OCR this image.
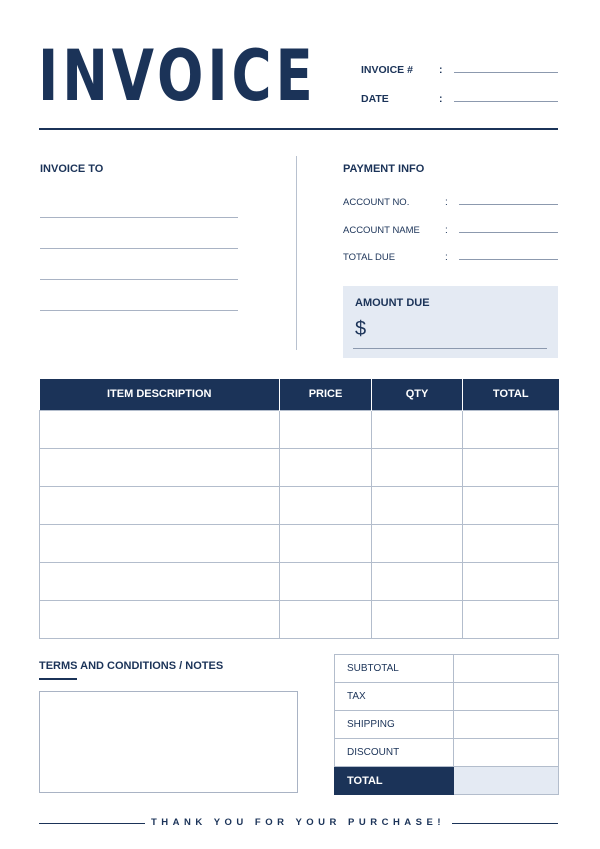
INVOICE	INVOICE # :
DATE	:
INVOICE TO	PAYMENT INFO
ACCOUNT NO.	:
ACCOUNT NAME	:
TOTAL DUE	:
AMOUNT DUE
$
ITEM DESCRIPTION	PRICE	QTY	TOTAL

TERMS AND CONDITIONS / NOTES	SUBTOTAL	
TAX	
SHIPPING	
DISCOUNT	
TOTAL	
THANK YOU FOR YOUR PURCHASE!
